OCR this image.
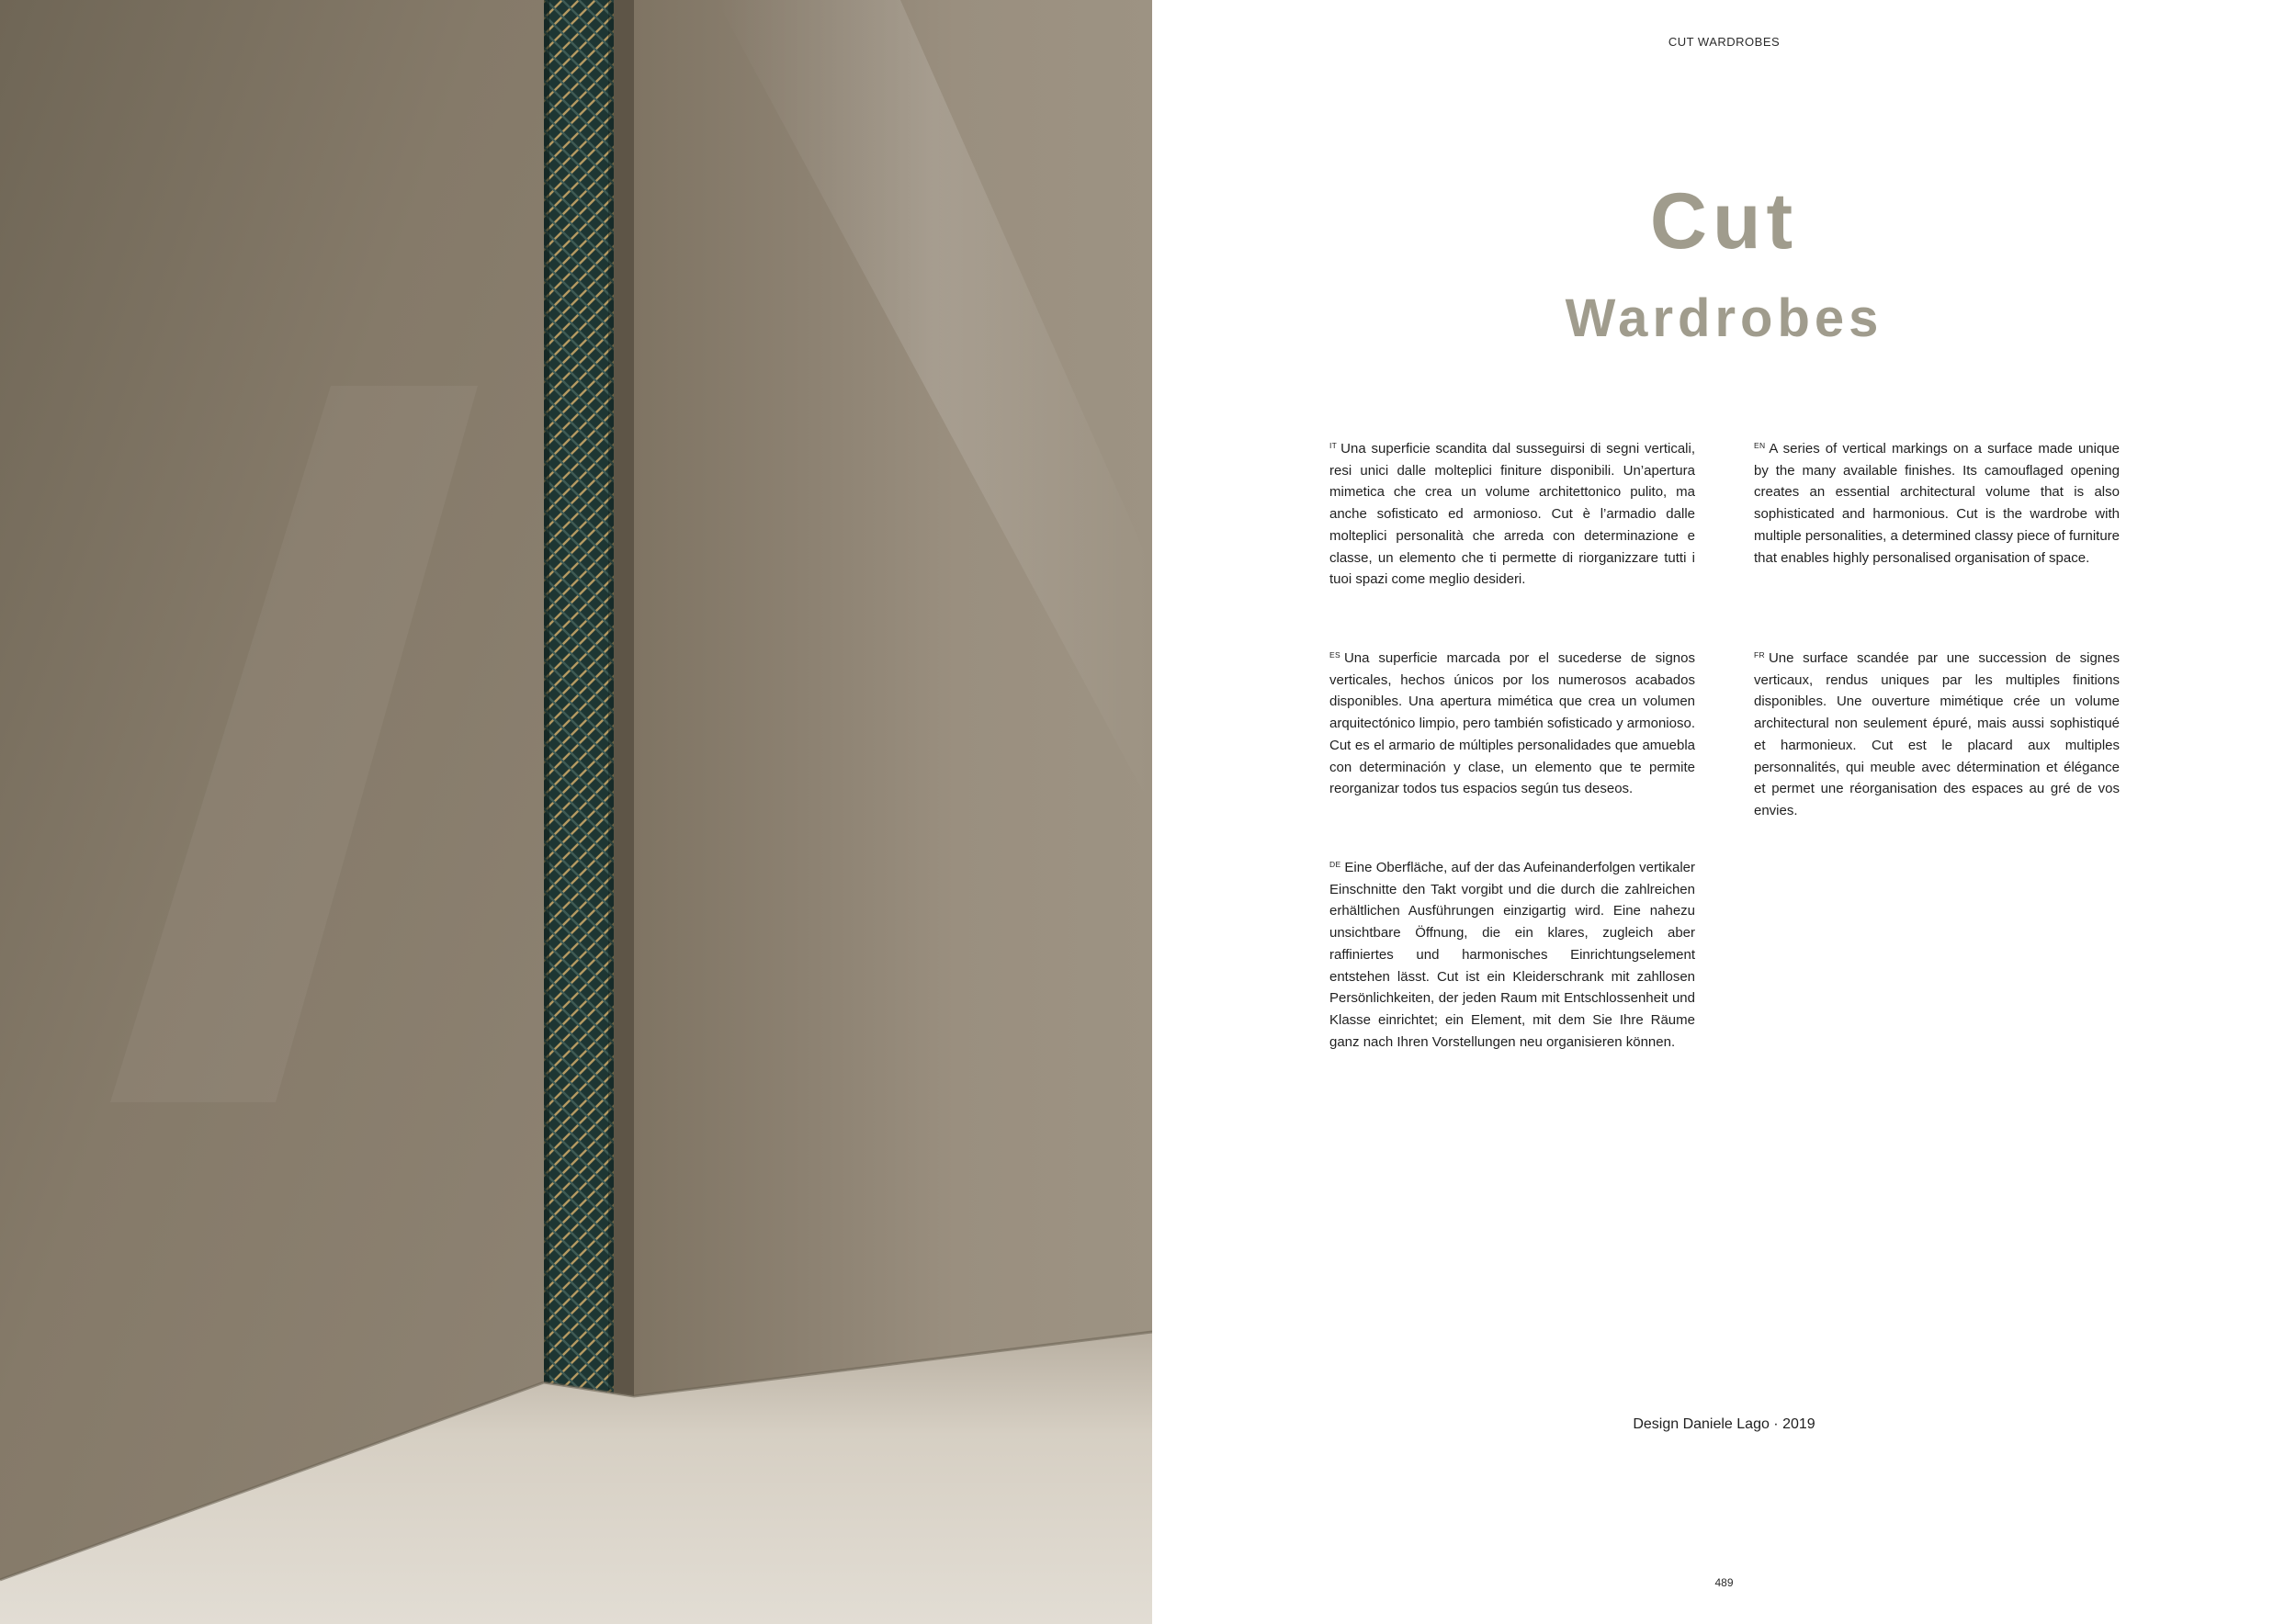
CUT WARDROBES
Cut
Wardrobes
$^{IT}$ Una superficie scandita dal susseguirsi di segni verticali, resi unici dalle molteplici finiture disponibili. Un’apertura mimetica che crea un volume architettonico pulito, ma anche sofisticato ed armonioso. Cut è l’armadio dalle molteplici personalità che arreda con determinazione e classe, un elemento che ti permette di riorganizzare tutti i tuoi spazi come meglio desideri.
$^{EN}$ A series of vertical markings on a surface made unique by the many available finishes. Its camouflaged opening creates an essential architectural volume that is also sophisticated and harmonious. Cut is the wardrobe with multiple personalities, a determined classy piece of furniture that enables highly personalised organisation of space.
$^{ES}$ Una superficie marcada por el sucederse de signos verticales, hechos únicos por los numerosos acabados disponibles. Una apertura mimética que crea un volumen arquitectónico limpio, pero también sofisticado y armonioso. Cut es el armario de múltiples personalidades que amuebla con determinación y clase, un elemento que te permite reorganizar todos tus espacios según tus deseos.
$^{FR}$ Une surface scandée par une succession de signes verticaux, rendus uniques par les multiples finitions disponibles. Une ouverture mimétique crée un volume architectural non seulement épuré, mais aussi sophistiqué et harmonieux. Cut est le placard aux multiples personnalités, qui meuble avec détermination et élégance et permet une réorganisation des espaces au gré de vos envies.
$^{DE}$ Eine Oberfläche, auf der das Aufeinanderfolgen vertikaler Einschnitte den Takt vorgibt und die durch die zahlreichen erhältlichen Ausführungen einzigartig wird. Eine nahezu unsichtbare Öffnung, die ein klares, zugleich aber raffiniertes und harmonisches Einrichtungselement entstehen lässt. Cut ist ein Kleiderschrank mit zahllosen Persönlichkeiten, der jeden Raum mit Entschlossenheit und Klasse einrichtet; ein Element, mit dem Sie Ihre Räume ganz nach Ihren Vorstellungen neu organisieren können.
Design Daniele Lago · 2019
489
